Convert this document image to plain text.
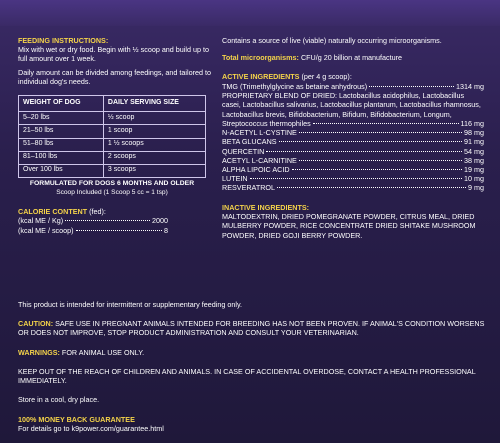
FEEDING INSTRUCTIONS:

Mix with wet or dry food. Begin with ½ scoop and build up to full amount over 1 week.

Daily amount can be divided among feedings, and tailored to individual dog's needs.

WEIGHT OF DOG	DAILY SERVING SIZE
5–20 lbs	½ scoop
21–50 lbs	1 scoop
51–80 lbs	1 ½ scoops
81–100 lbs	2 scoops
Over 100 lbs	3 scoops

FORMULATED FOR DOGS 6 MONTHS AND OLDER

Scoop Included (1 Scoop 5 cc = 1 tsp)

CALORIE CONTENT (fed):

(kcal ME / Kg)	2000
(kcal ME / scoop)	8

Contains a source of live (viable) naturally occurring microorganisms.

Total microorganisms: CFU/g 20 billion at manufacture

ACTIVE INGREDIENTS (per 4 g scoop):

TMG (Trimethylglycine as betaine anhydrous)	1314 mg

PROPRIETARY BLEND OF DRIED: Lactobacillus acidophilus, Lactobacillus casei, Lactobacillus salivarius, Lactobacillus plantarum, Lactobacillus rhamnosus, Lactobacillus brevis, Bifidobacterium, Bifidum, Bifidobacterium, Longum,

Streptococcus thermophiles	116 mg
N-ACETYL L-CYSTINE	98 mg
BETA GLUCANS	91 mg
QUERCETIN	54 mg
ACETYL L-CARNITINE	38 mg
ALPHA LIPOIC ACID	19 mg
LUTEIN	10 mg
RESVERATROL	9 mg

INACTIVE INGREDIENTS:

MALTODEXTRIN, DRIED POMEGRANATE POWDER, CITRUS MEAL, DRIED MULBERRY POWDER, RICE CONCENTRATE DRIED SHITAKE MUSHROOM POWDER, DRIED GOJI BERRY POWDER.

This product is intended for intermittent or supplementary feeding only.

CAUTION: SAFE USE IN PREGNANT ANIMALS INTENDED FOR BREEDING HAS NOT BEEN PROVEN. IF ANIMAL'S CONDITION WORSENS OR DOES NOT IMPROVE, STOP PRODUCT ADMINISTRATION AND CONSULT YOUR VETERINARIAN.

WARNINGS: FOR ANIMAL USE ONLY.

KEEP OUT OF THE REACH OF CHILDREN AND ANIMALS. IN CASE OF ACCIDENTAL OVERDOSE, CONTACT A HEALTH PROFESSIONAL IMMEDIATELY.

Store in a cool, dry place.

100% MONEY BACK GUARANTEE

For details go to k9power.com/guarantee.html
